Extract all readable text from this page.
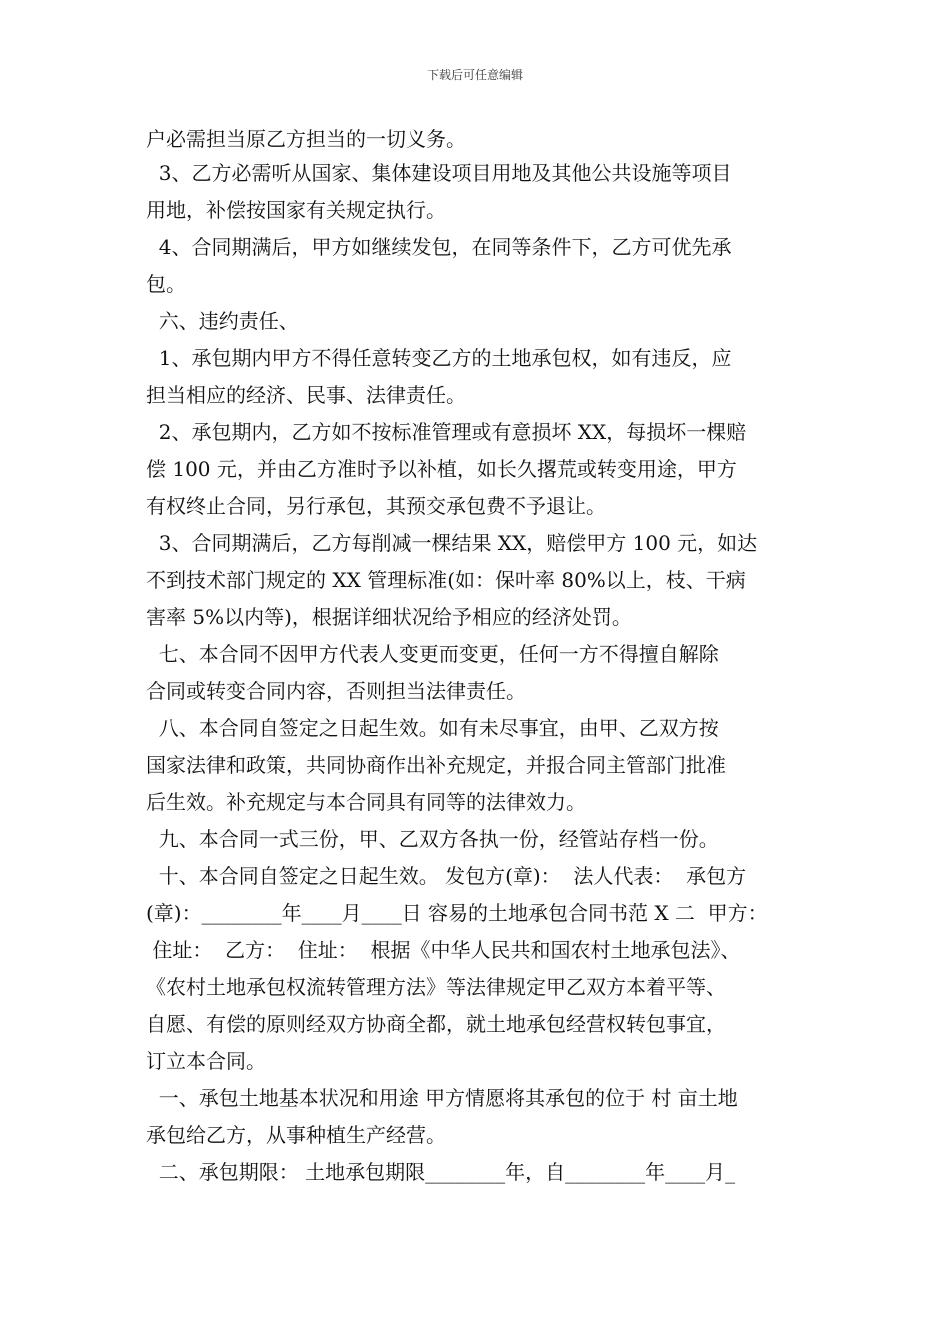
下载后可任意编辑
户必需担当原乙方担当的一切义务。
3、乙方必需听从国家、集体建设项目用地及其他公共设施等项目
用地，补偿按国家有关规定执行。
4、合同期满后，甲方如继续发包，在同等条件下，乙方可优先承
包。
六、违约责任、
1、承包期内甲方不得任意转变乙方的土地承包权，如有违反，应
担当相应的经济、民事、法律责任。
2、承包期内，乙方如不按标准管理或有意损坏 XX，每损坏一棵赔
偿 100 元，并由乙方准时予以补植，如长久撂荒或转变用途，甲方
有权终止合同，另行承包，其预交承包费不予退让。
3、合同期满后，乙方每削减一棵结果 XX，赔偿甲方 100 元，如达
不到技术部门规定的 XX 管理标准(如：保叶率 80%以上，枝、干病
害率 5%以内等)，根据详细状况给予相应的经济处罚。
七、本合同不因甲方代表人变更而变更，任何一方不得擅自解除
合同或转变合同内容，否则担当法律责任。
八、本合同自签定之日起生效。如有未尽事宜，由甲、乙双方按
国家法律和政策，共同协商作出补充规定，并报合同主管部门批准
后生效。补充规定与本合同具有同等的法律效力。
九、本合同一式三份，甲、乙双方各执一份，经管站存档一份。
十、本合同自签定之日起生效。 发包方(章)：  法人代表：  承包方
(章)：________年____月____日 容易的土地承包合同书范 X 二  甲方：
住址：  乙方：  住址：  根据《中华人民共和国农村土地承包法》、
《农村土地承包权流转管理方法》等法律规定甲乙双方本着平等、
自愿、有偿的原则经双方协商全都，就土地承包经营权转包事宜，
订立本合同。
一、承包土地基本状况和用途 甲方情愿将其承包的位于 村 亩土地
承包给乙方，从事种植生产经营。
二、承包期限： 土地承包期限________年，自________年____月_
